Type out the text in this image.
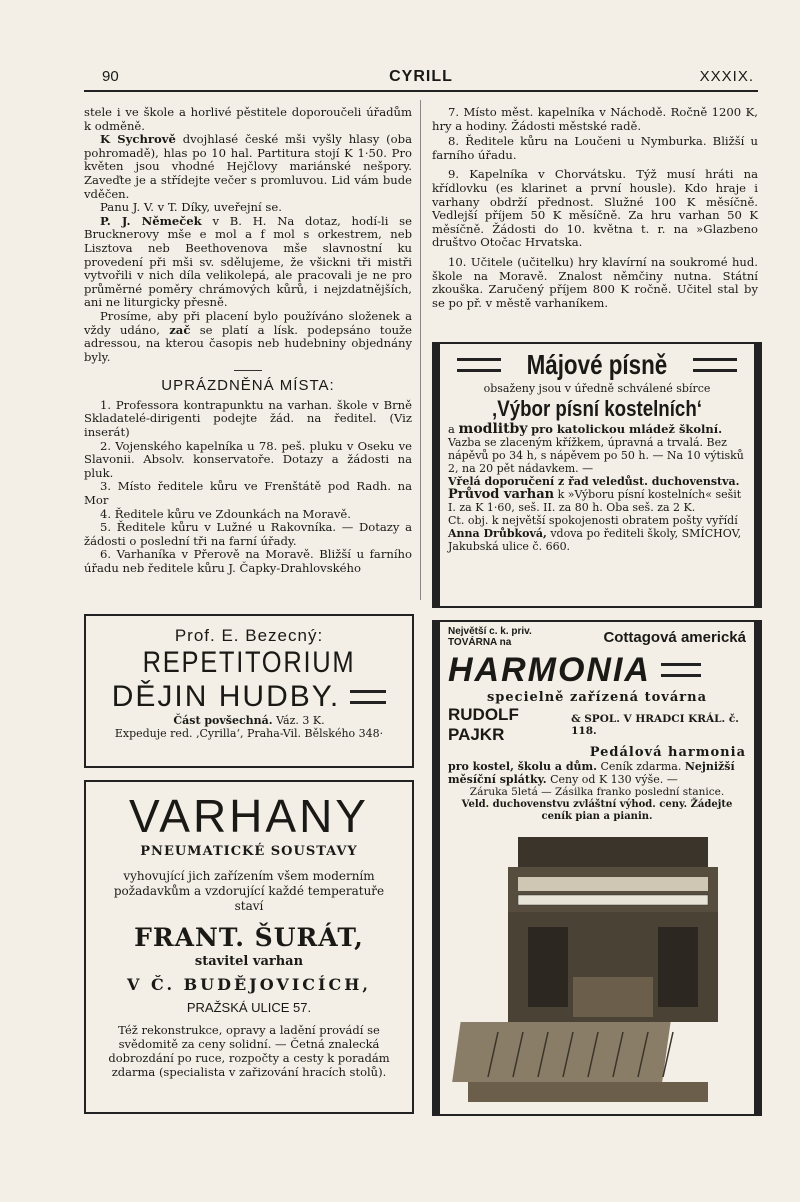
90	CYRILL	XXXIX.

stele i ve škole a horlivé pěstitele doporoučeli úřadům k odměně.

K Sychrově dvojhlasé české mši vyšly hlasy (oba pohromadě), hlas po 10 hal. Partitura stojí K 1·50. Pro květen jsou vhodné Hejčlovy mariánské nešpory. Zaveďte je a střídejte večer s promluvou. Lid vám bude vděčen.

Panu J. V. v T. Díky, uveřejní se.

P. J. Němeček v B. H. Na dotaz, hodí-li se Brucknerovy mše e mol a f mol s orkestrem, neb Lisztova neb Beethovenova mše slavnostní ku provedení při mši sv. sdělujeme, že všickni tři mistři vytvořili v nich díla velikolepá, ale pracovali je ne pro průměrné poměry chrámových kůrů, i nejzdatnějších, ani ne liturgicky přesně.

Prosíme, aby při placení bylo používáno složenek a vždy udáno, zač se platí a lísk. podepsáno touže adressou, na kterou časopis neb hudebniny objednány byly.

UPRÁZDNĚNÁ MÍSTA:

1. Professora kontrapunktu na varhan. škole v Brně Skladatelé-dirigenti podejte žád. na ředitel. (Viz inserát)

2. Vojenského kapelníka u 78. peš. pluku v Oseku ve Slavonii. Absolv. konservatoře. Dotazy a žádosti na pluk.

3. Místo ředitele kůru ve Frenštátě pod Radh. na Mor

4. Ředitele kůru ve Zdounkách na Moravě.

5. Ředitele kůru v Lužné u Rakovníka. — Dotazy a žádosti o poslední tři na farní úřady.

6. Varhaníka v Přerově na Moravě. Bližší u farního úřadu neb ředitele kůru J. Čapky-Drahlovského

7. Místo měst. kapelníka v Náchodě. Ročně 1200 K, hry a hodiny. Žádosti městské radě.

8. Ředitele kůru na Loučeni u Nymburka. Bližší u farního úřadu.

9. Kapelníka v Chorvátsku. Týž musí hráti na křídlovku (es klarinet a první housle). Kdo hraje i varhany obdrží přednost. Služné 100 K měsíčně. Vedlejší příjem 50 K měsíčně. Za hru varhan 50 K měsíčně. Žádosti do 10. května t. r. na »Glazbeno društvo Otočac Hrvatska.

10. Učitele (učitelku) hry klavírní na soukromé hud. škole na Moravě. Znalost němčiny nutna. Státní zkouška. Zaručený příjem 800 K ročně. Učitel stal by se po př. v městě varhaníkem.

Májové písně
obsaženy jsou v úředně schválené sbírce
‚Výbor písní kostelních‘
a modlitby pro katolickou mládež školní.
Vazba se zlaceným křížkem, úpravná a trvalá. Bez nápěvů po 34 h, s nápěvem po 50 h. — Na 10 výtisků 2, na 20 pět nádavkem. —
Vřelá doporučení z řad veledůst. duchovenstva.
Průvod varhan k »Výboru písní kostelních« sešit I. za K 1·60, seš. II. za 80 h. Oba seš. za 2 K.
Ct. obj. k největší spokojenosti obratem pošty vyřídí Anna Drůbková, vdova po řediteli školy, SMÍCHOV, Jakubská ulice č. 660.
Prof. E. Bezecný:
REPETITORIUM
DĚJIN HUDBY.
Část povšechná. Váz. 3 K.
Expeduje red. ‚Cyrilla‘, Praha-Vil. Bělského 348·
VARHANY
PNEUMATICKÉ SOUSTAVY
vyhovující jich zařízením všem moderním požadavkům a vzdorující každé temperatuře staví
FRANT. ŠURÁT,
stavitel varhan
V Č. BUDĚJOVICÍCH,
PRAŽSKÁ ULICE 57.
Též rekonstrukce, opravy a ladění provádí se svědomitě za ceny solidní. — Četná znalecká dobrozdání po ruce, rozpočty a cesty k poradám zdarma (specialista v zařizování hracích stolů).
Největší c. k. priv. TOVÁRNA na	Cottagová americká
HARMONIA
specielně zařízená továrna
RUDOLF PAJKR
& SPOL. V HRADCI KRÁL. č. 118.
Pedálová harmonia
pro kostel, školu a dům. Ceník zdarma. Nejnižší měsíční splátky. Ceny od K 130 výše. —
Záruka 5letá — Zásilka franko poslední stanice.
Veld. duchovenstvu zvláštní výhod. ceny. Žádejte ceník pian a pianin.
